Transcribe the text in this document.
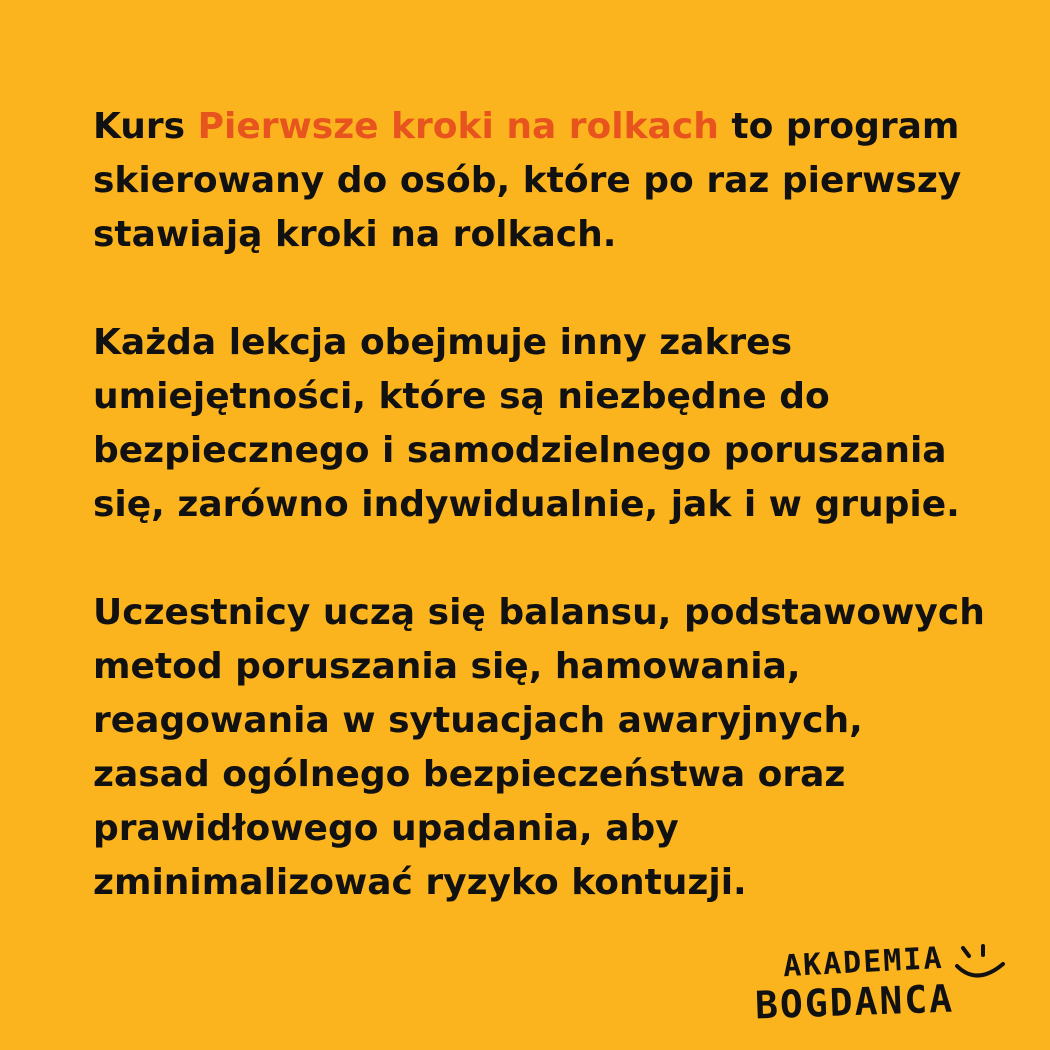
Kurs Pierwsze kroki na rolkach to program
skierowany do osób, które po raz pierwszy
stawiają kroki na rolkach.
Każda lekcja obejmuje inny zakres
umiejętności, które są niezbędne do
bezpiecznego i samodzielnego poruszania
się, zarówno indywidualnie, jak i w grupie.
Uczestnicy uczą się balansu, podstawowych
metod poruszania się, hamowania,
reagowania w sytuacjach awaryjnych,
zasad ogólnego bezpieczeństwa oraz
prawidłowego upadania, aby
zminimalizować ryzyko kontuzji.
AKADEMIA
BOGDANCA
